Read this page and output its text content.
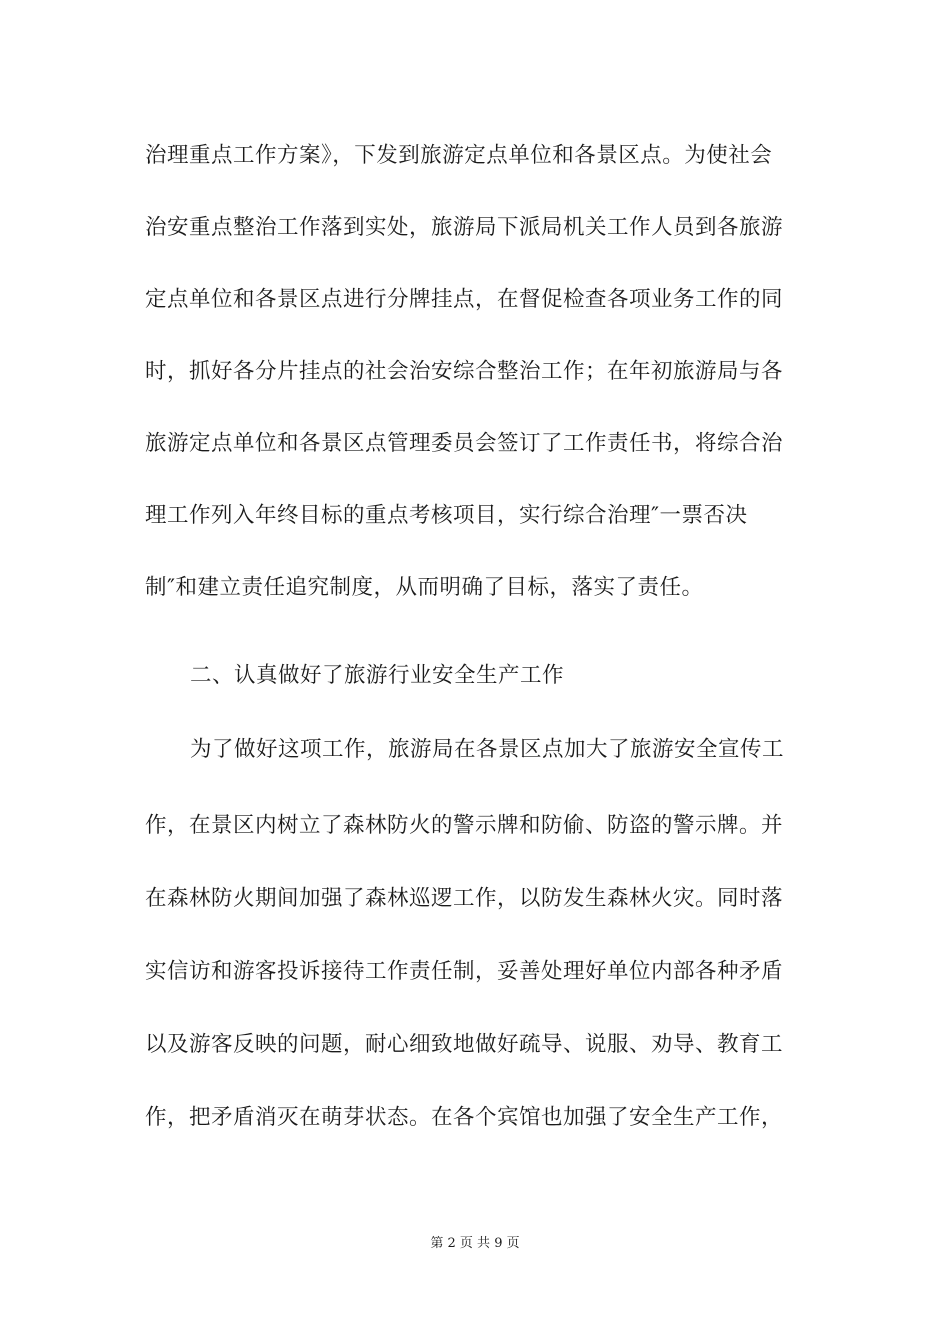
治理重点工作方案》，下发到旅游定点单位和各景区点。为使社会
治安重点整治工作落到实处，旅游局下派局机关工作人员到各旅游
定点单位和各景区点进行分牌挂点，在督促检查各项业务工作的同
时，抓好各分片挂点的社会治安综合整治工作；在年初旅游局与各
旅游定点单位和各景区点管理委员会签订了工作责任书，将综合治
理工作列入年终目标的重点考核项目，实行综合治理″一票否决
制″和建立责任追究制度，从而明确了目标，落实了责任。
二、认真做好了旅游行业安全生产工作
为了做好这项工作，旅游局在各景区点加大了旅游安全宣传工
作，在景区内树立了森林防火的警示牌和防偷、防盗的警示牌。并
在森林防火期间加强了森林巡逻工作，以防发生森林火灾。同时落
实信访和游客投诉接待工作责任制，妥善处理好单位内部各种矛盾
以及游客反映的问题，耐心细致地做好疏导、说服、劝导、教育工
作，把矛盾消灭在萌芽状态。在各个宾馆也加强了安全生产工作，
第 2 页 共 9 页
